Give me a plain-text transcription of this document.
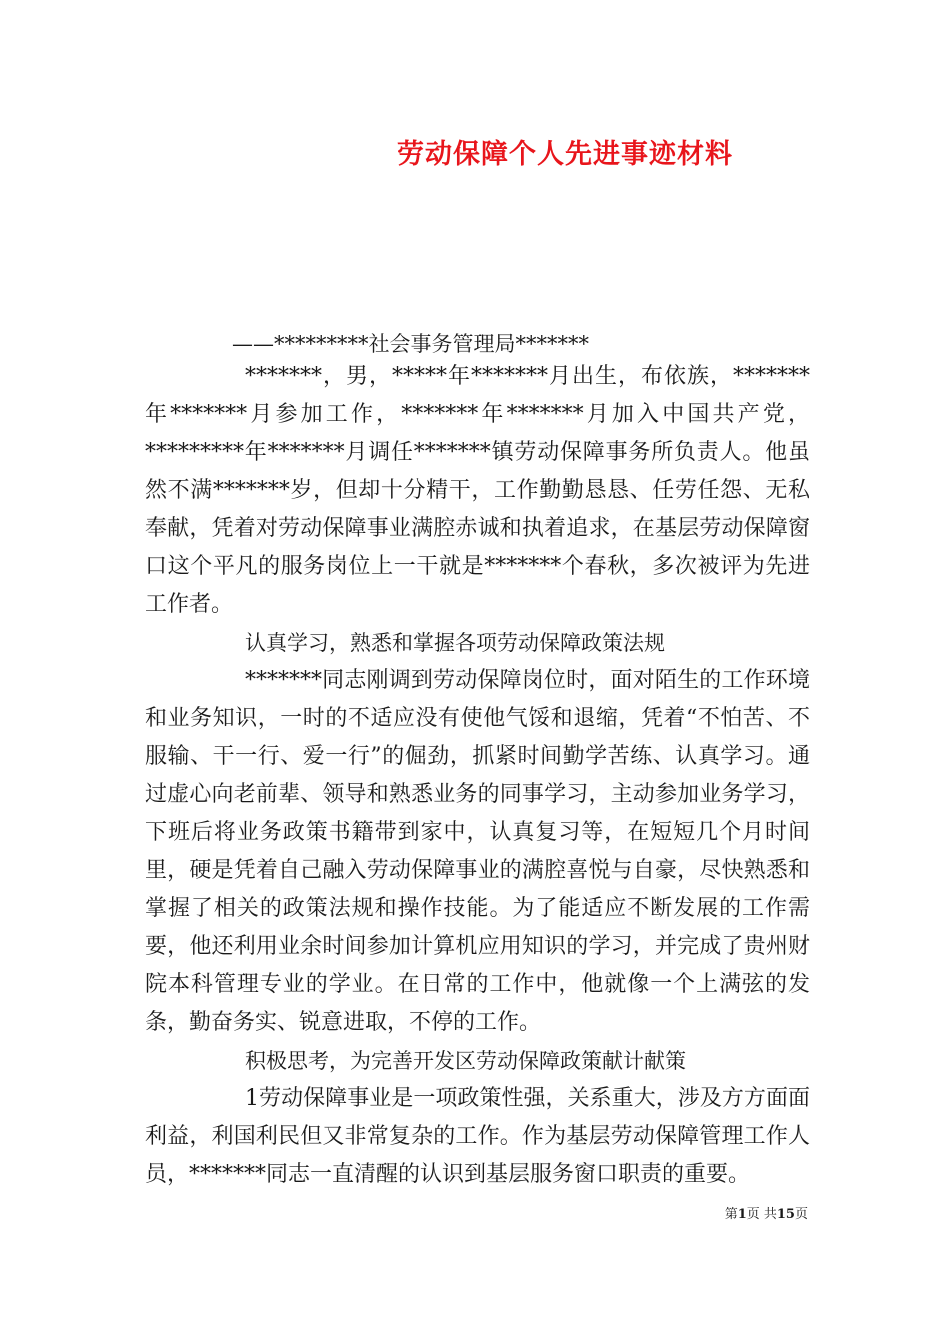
劳动保障个人先进事迹材料
——*********社会事务管理局*******

*******，男，*****年*******月出生，布依族，*******年*******月参加工作，*******年*******月加入中国共产党，*********年*******月调任*******镇劳动保障事务所负责人。他虽然不满*******岁，但却十分精干，工作勤勤恳恳、任劳任怨、无私奉献，凭着对劳动保障事业满腔赤诚和执着追求，在基层劳动保障窗口这个平凡的服务岗位上一干就是*******个春秋，多次被评为先进工作者。

认真学习，熟悉和掌握各项劳动保障政策法规

*******同志刚调到劳动保障岗位时，面对陌生的工作环境和业务知识，一时的不适应没有使他气馁和退缩，凭着“不怕苦、不服输、干一行、爱一行”的倔劲，抓紧时间勤学苦练、认真学习。通过虚心向老前辈、领导和熟悉业务的同事学习，主动参加业务学习，下班后将业务政策书籍带到家中，认真复习等，在短短几个月时间里，硬是凭着自己融入劳动保障事业的满腔喜悦与自豪，尽快熟悉和掌握了相关的政策法规和操作技能。为了能适应不断发展的工作需要，他还利用业余时间参加计算机应用知识的学习，并完成了贵州财院本科管理专业的学业。在日常的工作中，他就像一个上满弦的发条，勤奋务实、锐意进取，不停的工作。

积极思考，为完善开发区劳动保障政策献计献策

1劳动保障事业是一项政策性强，关系重大，涉及方方面面利益，利国利民但又非常复杂的工作。作为基层劳动保障管理工作人员，*******同志一直清醒的认识到基层服务窗口职责的重要。

第1页 共15页
